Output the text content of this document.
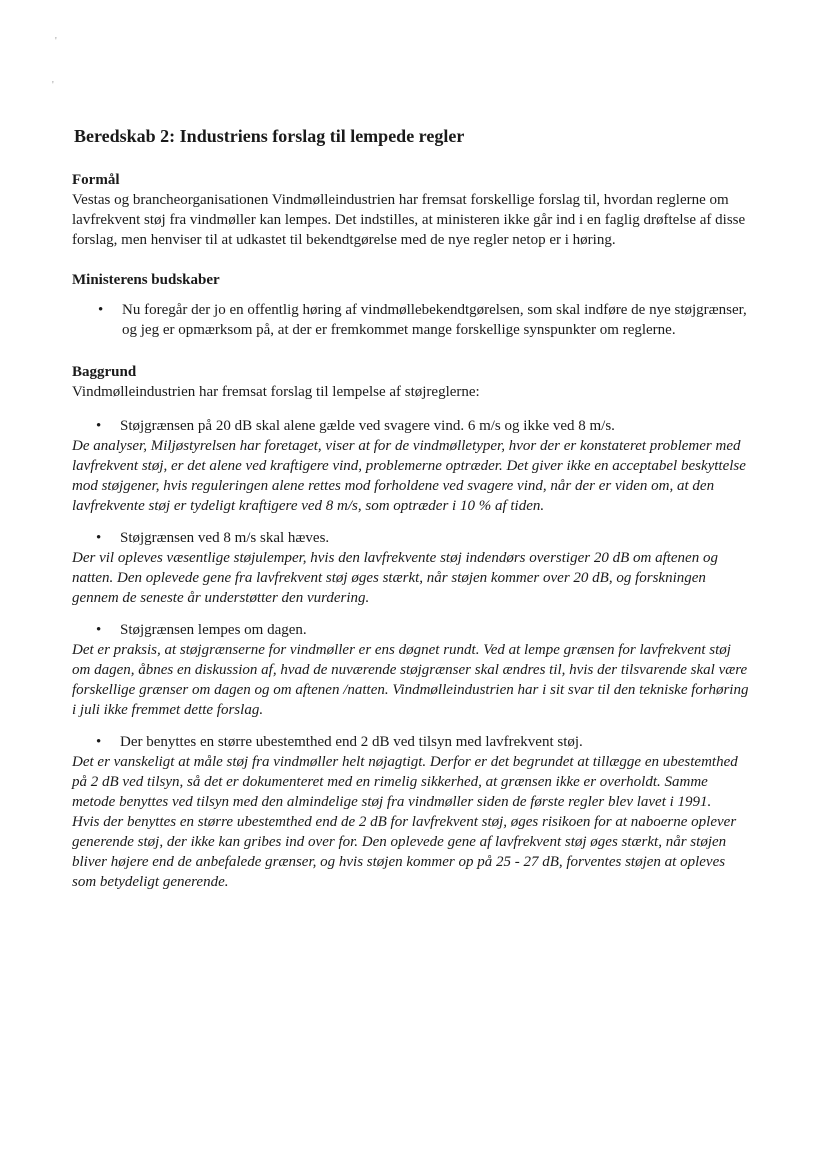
'
'
Beredskab 2: Industriens forslag til lempede regler
Formål

Vestas og brancheorganisationen Vindmølleindustrien har fremsat forskellige forslag til, hvordan reglerne om lavfrekvent støj fra vindmøller kan lempes. Det indstilles, at ministeren ikke går ind i en faglig drøftelse af disse forslag, men henviser til at udkastet til bekendtgørelse med de nye regler netop er i høring.

Ministerens budskaber
• Nu foregår der jo en offentlig høring af vindmøllebekendtgørelsen, som skal indføre de nye støjgrænser, og jeg er opmærksom på, at der er fremkommet mange forskellige synspunkter om reglerne.
Baggrund

Vindmølleindustrien har fremsat forslag til lempelse af støjreglerne:

• Støjgrænsen på 20 dB skal alene gælde ved svagere vind. 6 m/s og ikke ved 8 m/s.

De analyser, Miljøstyrelsen har foretaget, viser at for de vindmølletyper, hvor der er konstateret problemer med lavfrekvent støj, er det alene ved kraftigere vind, problemerne optræder. Det giver ikke en acceptabel beskyttelse mod støjgener, hvis reguleringen alene rettes mod forholdene ved svagere vind, når der er viden om, at den lavfrekvente støj er tydeligt kraftigere ved 8 m/s, som optræder i 10 % af tiden.

• Støjgrænsen ved 8 m/s skal hæves.

Der vil opleves væsentlige støjulemper, hvis den lavfrekvente støj indendørs overstiger 20 dB om aftenen og natten. Den oplevede gene fra lavfrekvent støj øges stærkt, når støjen kommer over 20 dB, og forskningen gennem de seneste år understøtter den vurdering.

• Støjgrænsen lempes om dagen.

Det er praksis, at støjgrænserne for vindmøller er ens døgnet rundt. Ved at lempe grænsen for lavfrekvent støj om dagen, åbnes en diskussion af, hvad de nuværende støjgrænser skal ændres til, hvis der tilsvarende skal være forskellige grænser om dagen og om aftenen /natten. Vindmølleindustrien har i sit svar til den tekniske forhøring i juli ikke fremmet dette forslag.

• Der benyttes en større ubestemthed end 2 dB ved tilsyn med lavfrekvent støj.

Det er vanskeligt at måle støj fra vindmøller helt nøjagtigt. Derfor er det begrundet at tillægge en ubestemthed på 2 dB ved tilsyn, så det er dokumenteret med en rimelig sikkerhed, at grænsen ikke er overholdt. Samme metode benyttes ved tilsyn med den almindelige støj fra vindmøller siden de første regler blev lavet i 1991.

Hvis der benyttes en større ubestemthed end de 2 dB for lavfrekvent støj, øges risikoen for at naboerne oplever generende støj, der ikke kan gribes ind over for. Den oplevede gene af lavfrekvent støj øges stærkt, når støjen bliver højere end de anbefalede grænser, og hvis støjen kommer op på 25 - 27 dB, forventes støjen at opleves som betydeligt generende.
